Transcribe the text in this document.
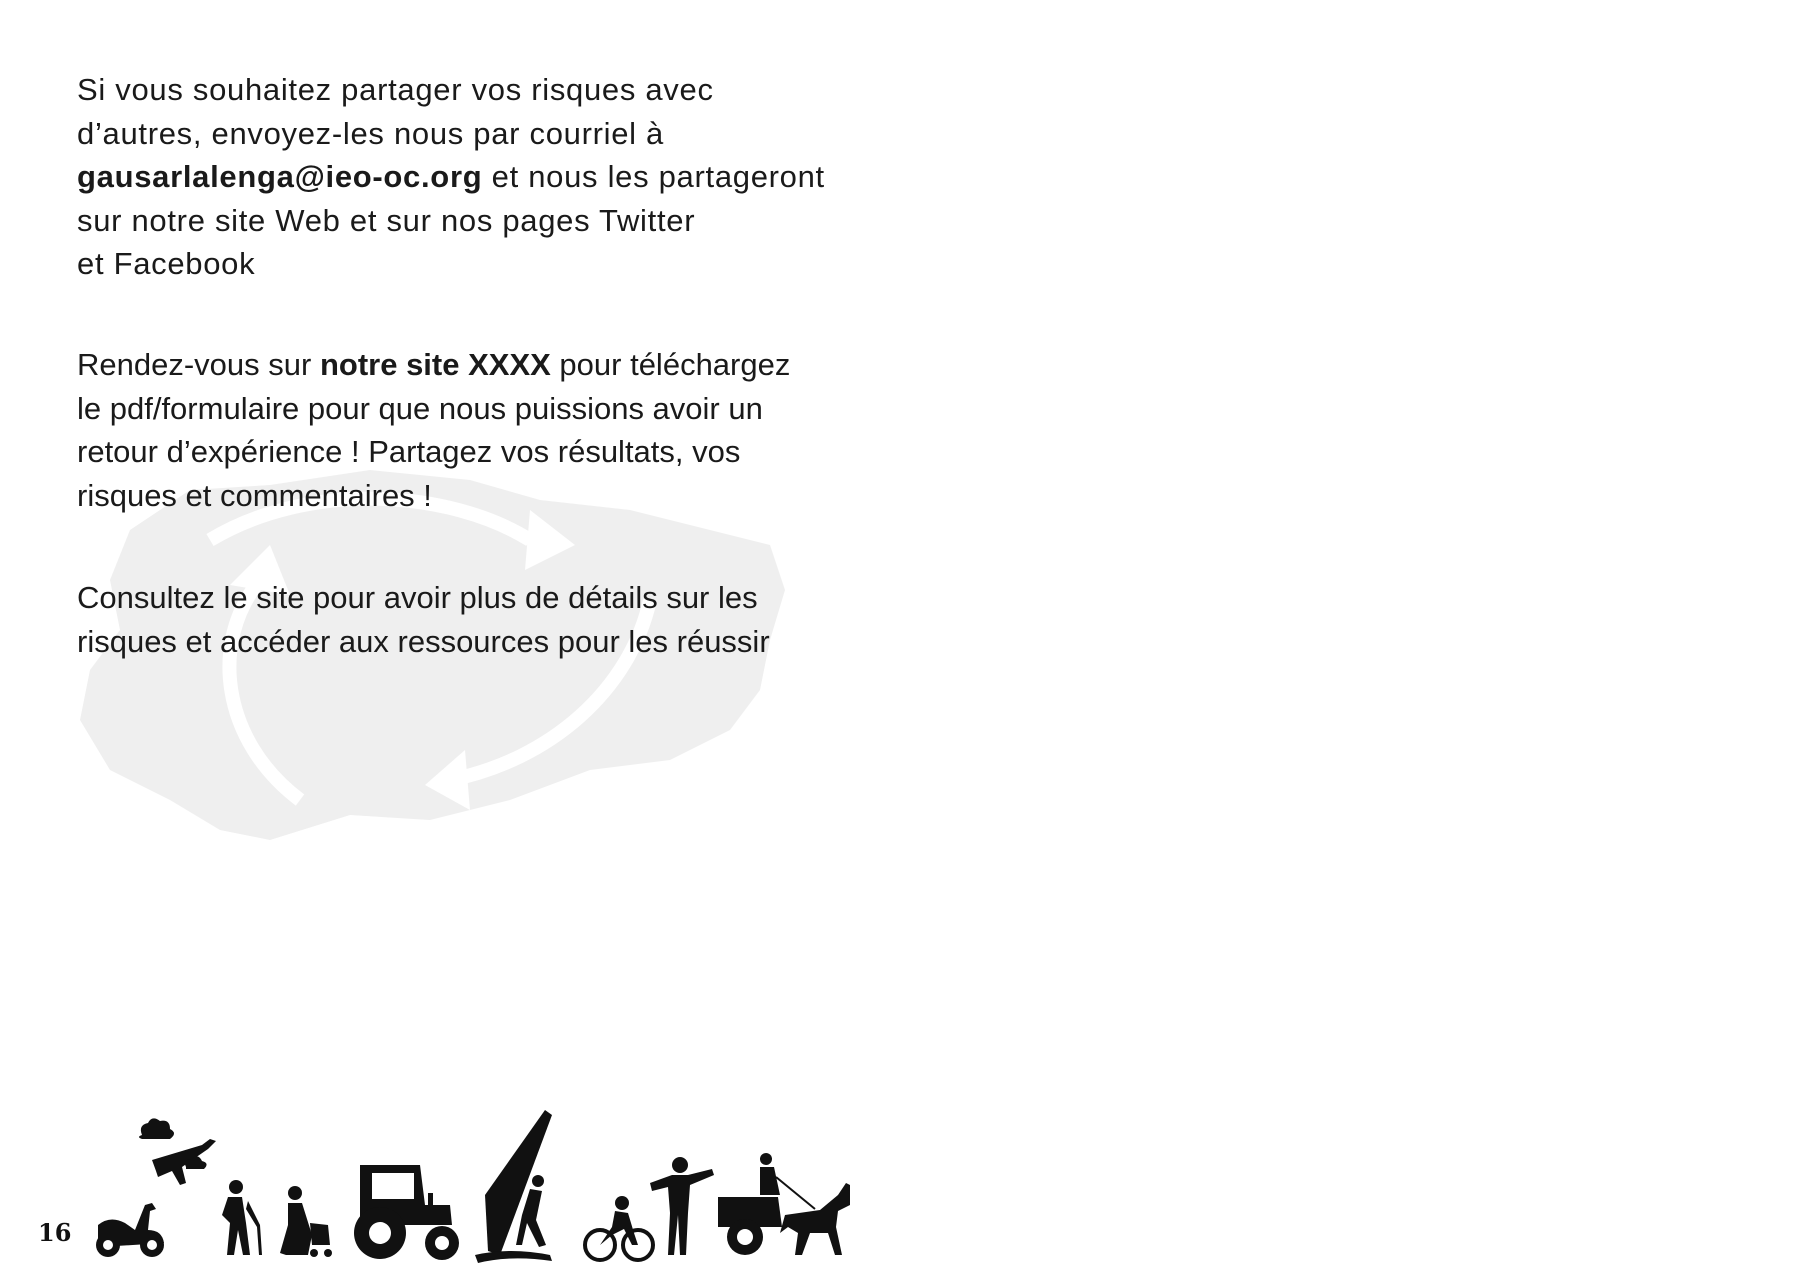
Si vous souhaitez partager vos risques avec
d’autres, envoyez-les nous par courriel à
gausarlalenga@ieo-oc.org et nous les partageront
sur notre site Web et sur nos pages Twitter
et Facebook
Rendez-vous sur notre site XXXX pour téléchargez
le pdf/formulaire pour que nous puissions avoir un
retour d’expérience ! Partagez vos résultats, vos
risques et commentaires !
Consultez le site pour avoir plus de détails sur les
risques et accéder aux ressources pour les réussir
16
